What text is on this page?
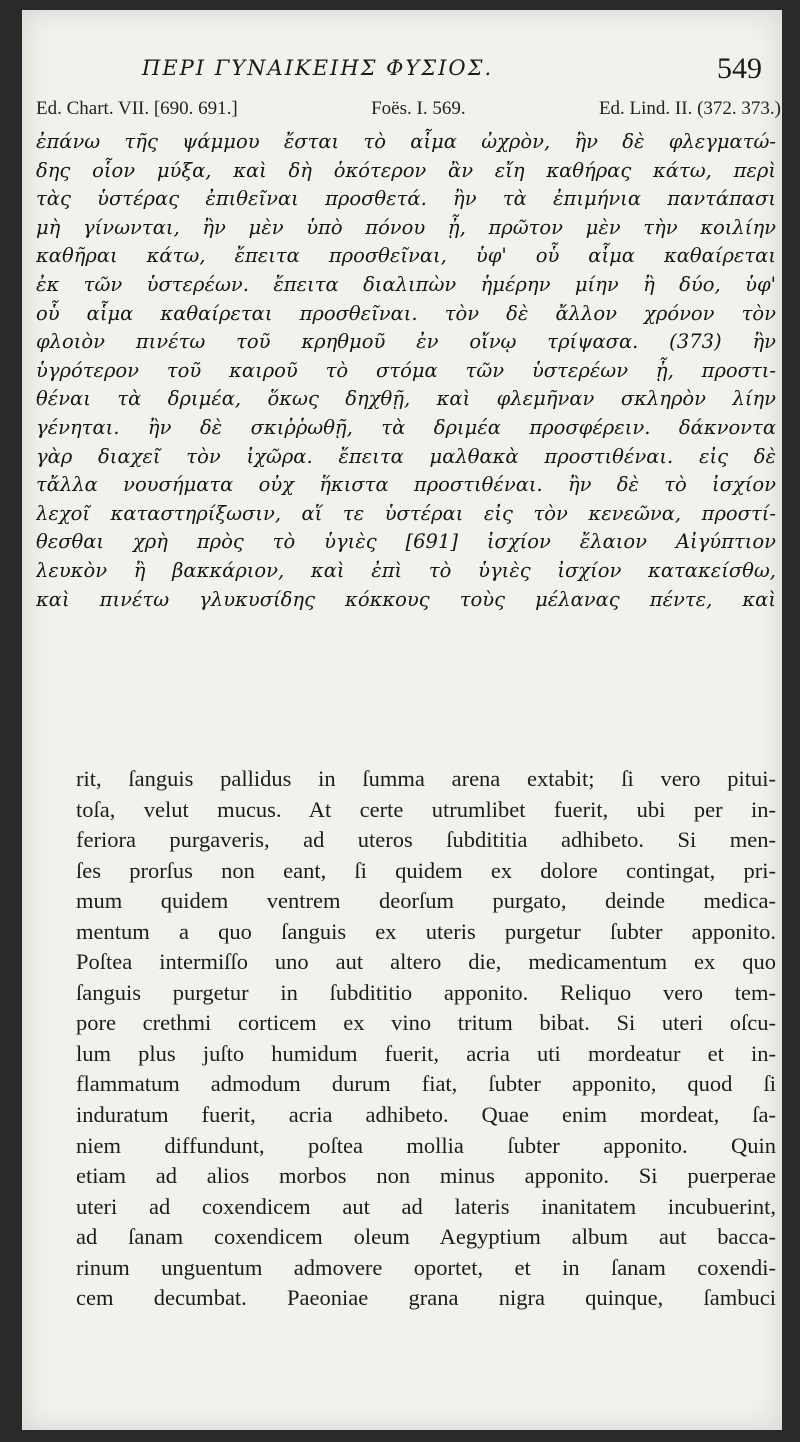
ΠΕΡΙ ΓΥΝΑΙΚΕΙΗΣ ΦΥΣΙΟΣ.	549
Ed. Chart. VII. [690. 691.]	Foës. I. 569.	Ed. Lind. II. (372. 373.)
ἐπάνω τῆς ψάμμου ἔσται τὸ αἷμα ὠχρὸν, ἢν δὲ φλεγματώ-
δης οἷον μύξα, καὶ δὴ ὁκότερον ἂν εἴη καθήρας κάτω, περὶ
τὰς ὑστέρας ἐπιθεῖναι προσθετά. ἢν τὰ ἐπιμήνια παντάπασι
μὴ γίνωνται, ἢν μὲν ὑπὸ πόνου ᾖ, πρῶτον μὲν τὴν κοιλίην
καθῆραι κάτω, ἔπειτα προσθεῖναι, ὑφ' οὗ αἷμα καθαίρεται
ἐκ τῶν ὑστερέων. ἔπειτα διαλιπὼν ἡμέρην μίην ἢ δύο, ὑφ'
οὗ αἷμα καθαίρεται προσθεῖναι. τὸν δὲ ἄλλον χρόνον τὸν
φλοιὸν πινέτω τοῦ κρηθμοῦ ἐν οἴνῳ τρίψασα. (373) ἢν
ὑγρότερον τοῦ καιροῦ τὸ στόμα τῶν ὑστερέων ᾖ, προστι-
θέναι τὰ δριμέα, ὅκως δηχθῇ, καὶ φλεμῆναν σκληρὸν λίην
γένηται. ἢν δὲ σκιῤῥωθῇ, τὰ δριμέα προσφέρειν. δάκνοντα
γὰρ διαχεῖ τὸν ἰχῶρα. ἔπειτα μαλθακὰ προστιθέναι. εἰς δὲ
τἄλλα νουσήματα οὐχ ἥκιστα προστιθέναι. ἢν δὲ τὸ ἰσχίον
λεχοῖ καταστηρίξωσιν, αἵ τε ὑστέραι εἰς τὸν κενεῶνα, προστί-
θεσθαι χρὴ πρὸς τὸ ὑγιὲς [691] ἰσχίον ἔλαιον Αἰγύπτιον
λευκὸν ἢ βακκάριον, καὶ ἐπὶ τὸ ὑγιὲς ἰσχίον κατακείσθω,
καὶ πινέτω γλυκυσίδης κόκκους τοὺς μέλανας πέντε, καὶ
rit, ſanguis pallidus in ſumma arena extabit; ſi vero pitui-
toſa, velut mucus. At certe utrumlibet fuerit, ubi per in-
feriora purgaveris, ad uteros ſubdititia adhibeto. Si men-
ſes prorſus non eant, ſi quidem ex dolore contingat, pri-
mum quidem ventrem deorſum purgato, deinde medica-
mentum a quo ſanguis ex uteris purgetur ſubter apponito.
Poſtea intermiſſo uno aut altero die, medicamentum ex quo
ſanguis purgetur in ſubdititio apponito. Reliquo vero tem-
pore crethmi corticem ex vino tritum bibat. Si uteri oſcu-
lum plus juſto humidum fuerit, acria uti mordeatur et in-
flammatum admodum durum fiat, ſubter apponito, quod ſi
induratum fuerit, acria adhibeto. Quae enim mordeat, ſa-
niem diffundunt, poſtea mollia ſubter apponito. Quin
etiam ad alios morbos non minus apponito. Si puerperae
uteri ad coxendicem aut ad lateris inanitatem incubuerint,
ad ſanam coxendicem oleum Aegyptium album aut bacca-
rinum unguentum admovere oportet, et in ſanam coxendi-
cem decumbat. Paeoniae grana nigra quinque, ſambuci
